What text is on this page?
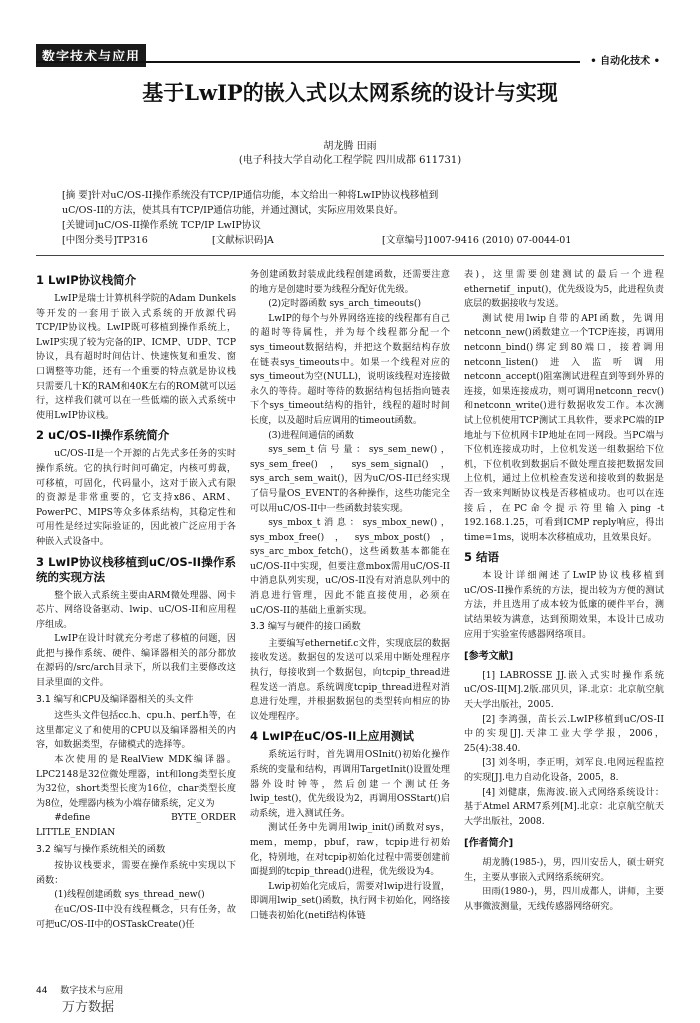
数字技术与应用	• 自动化技术 •
基于LwIP的嵌入式以太网系统的设计与实现
胡龙腾 田雨
(电子科技大学自动化工程学院 四川成都 611731)
[摘 要]针对uC/OS-II操作系统没有TCP/IP通信功能，本文给出一种将LwIP协议栈移植到
uC/OS-II的方法，使其具有TCP/IP通信功能，并通过测试，实际应用效果良好。
[关键词]uC/OS-II操作系统 TCP/IP LwIP协议
[中图分类号]TP316	[文献标识码]A	[文章编号]1007-9416 (2010) 07-0044-01
1 LwIP协议栈简介

LwIP是瑞士计算机科学院的Adam Dunkels等开发的一套用于嵌入式系统的开放源代码TCP/IP协议栈。LwIP既可移植到操作系统上，LwIP实现了较为完备的IP、ICMP、UDP、TCP协议，具有超时时间估计、快速恢复和重发、窗口调整等功能，还有一个重要的特点就是协议栈只需要几十K的RAM和40K左右的ROM就可以运行，这样我们就可以在一些低端的嵌入式系统中使用LwIP协议栈。

2 uC/OS-II操作系统简介

uC/OS-II是一个开源的占先式多任务的实时操作系统。它的执行时间可确定，内核可剪裁，可移植，可固化，代码量小，这对于嵌入式有限的资源是非常重要的，它支持x86、ARM、PowerPC、MIPS等众多体系结构，其稳定性和可用性是经过实际验证的，因此被广泛应用于各种嵌入式设备中。

3 LwIP协议栈移植到uC/OS-II操作系统的实现方法

整个嵌入式系统主要由ARM微处理器、网卡芯片、网络设备驱动、lwip、uC/OS-II和应用程序组成。

LwIP在设计时就充分考虑了移植的问题，因此把与操作系统、硬件、编译器相关的部分都放在源码的/src/arch目录下，所以我们主要修改这目录里面的文件。

3.1 编写和CPU及编译器相关的头文件

这些头文件包括cc.h、cpu.h、perf.h等，在这里都定义了和使用的CPU以及编译器相关的内容，如数据类型，存储模式的选择等。

本次使用的是RealView MDK编译器。LPC2148是32位微处理器，int和long类型长度为32位，short类型长度为16位，char类型长度为8位，处理器内核为小端存储系统，定义为

#define BYTE_ORDER LITTLE_ENDIAN

3.2 编写与操作系统相关的函数

按协议栈要求，需要在操作系统中实现以下函数：

(1)线程创建函数 sys_thread_new()

在uC/OS-II中没有线程概念，只有任务，故可把uC/OS-II中的OSTaskCreate()任

务创建函数封装成此线程创建函数，还需要注意的地方是创建时要为线程分配好优先级。

(2)定时器函数 sys_arch_timeouts()

LwIP的每个与外界网络连接的线程都有自己的超时等待属性，并为每个线程都分配一个sys_timeout数据结构，并把这个数据结构存放在链表sys_timeouts中。如果一个线程对应的sys_timeout为空(NULL)，说明该线程对连接做永久的等待。超时等待的数据结构包括指向链表下个sys_timeout结构的指针，线程的超时时间长度，以及超时后应调用的timeout函数。

(3)进程间通信的函数

sys_sem_t信号量：sys_sem_new()，sys_sem_free()，sys_sem_signal()，sys_arch_sem_wait()，因为uC/OS-II已经实现了信号量OS_EVENT的各种操作，这些功能完全可以用uC/OS-II中一些函数封装实现。

sys_mbox_t消息：sys_mbox_new()，sys_mbox_free()，sys_mbox_post()，sys_arc_mbox_fetch()，这些函数基本都能在uC/OS-II中实现，但要注意mbox需用uC/OS-II中消息队列实现，uC/OS-II没有对消息队列中的消息进行管理，因此不能直接使用，必须在uC/OS-II的基础上重新实现。

3.3 编写与硬件的接口函数

主要编写ethernetif.c文件，实现底层的数据接收发送。数据包的发送可以采用中断处理程序执行，每接收到一个数据包，向tcpip_thread进程发送一消息。系统调度tcpip_thread进程对消息进行处理，并根据数据包的类型转向相应的协议处理程序。

4 LwIP在uC/OS-II上应用测试

系统运行时，首先调用OSInit()初始化操作系统的变量和结构，再调用TargetInit()设置处理器外设时钟等，然后创建一个测试任务lwip_test()，优先级设为2，再调用OSStart()启动系统，进入测试任务。

测试任务中先调用lwip_init()函数对sys，mem，memp，pbuf，raw，tcpip进行初始化，特别地，在对tcpip初始化过程中需要创建前面提到的tcpip_thread()进程，优先级设为4。

Lwip初始化完成后，需要对lwip进行设置，即调用lwip_set()函数，执行网卡初始化，网络接口链表初始化(netif结构体链

表)，这里需要创建测试的最后一个进程ethernetif_ input()，优先级设为5，此进程负责底层的数据接收与发送。

测试使用lwip自带的API函数，先调用netconn_new()函数建立一个TCP连接，再调用netconn_bind()绑定到80端口，接着调用netconn_listen()进入监听调用netconn_accept()阻塞测试进程直到等到外界的连接，如果连接成功，则可调用netconn_recv()和netconn_write()进行数据收发工作。本次测试上位机使用TCP测试工具软件，要求PC端的IP地址与下位机网卡IP地址在同一网段。当PC端与下位机连接成功时，上位机发送一组数据给下位机，下位机收到数据后不做处理直接把数据发回上位机，通过上位机检查发送和接收到的数据是否一致来判断协议栈是否移植成功。也可以在连接后，在PC命令提示符里输入ping -t 192.168.1.25，可看到ICMP reply响应，得出time=1ms，说明本次移植成功，且效果良好。

5 结语

本设计详细阐述了LwIP协议栈移植到uC/OS-II操作系统的方法，提出较为方便的测试方法，并且选用了成本较为低廉的硬件平台，测试结果较为满意，达到预期效果，本设计已成功应用于实验室传感器网络项目。

[参考文献]

[1] LABROSSE JJ.嵌入式实时操作系统uC/OS-II[M].2版.邵贝贝，译.北京：北京航空航天大学出版社，2005.

[2] 李鸿强，苗长云.LwIP移植到uC/OS-II中的实现[J].天津工业大学学报，2006，25(4):38.40.

[3] 刘冬明，李正明，刘军良.电网远程监控的实现[J].电力自动化设备，2005，8.

[4] 刘健康，焦海波.嵌入式网络系统设计：基于Atmel ARM7系列[M].北京：北京航空航天大学出版社，2008.

[作者简介]

胡龙腾(1985-)，男，四川安岳人，硕士研究生，主要从事嵌入式网络系统研究。

田雨(1980-)，男，四川成都人，讲师，主要从事微波测量，无线传感器网络研究。

44 数字技术与应用
万方数据
